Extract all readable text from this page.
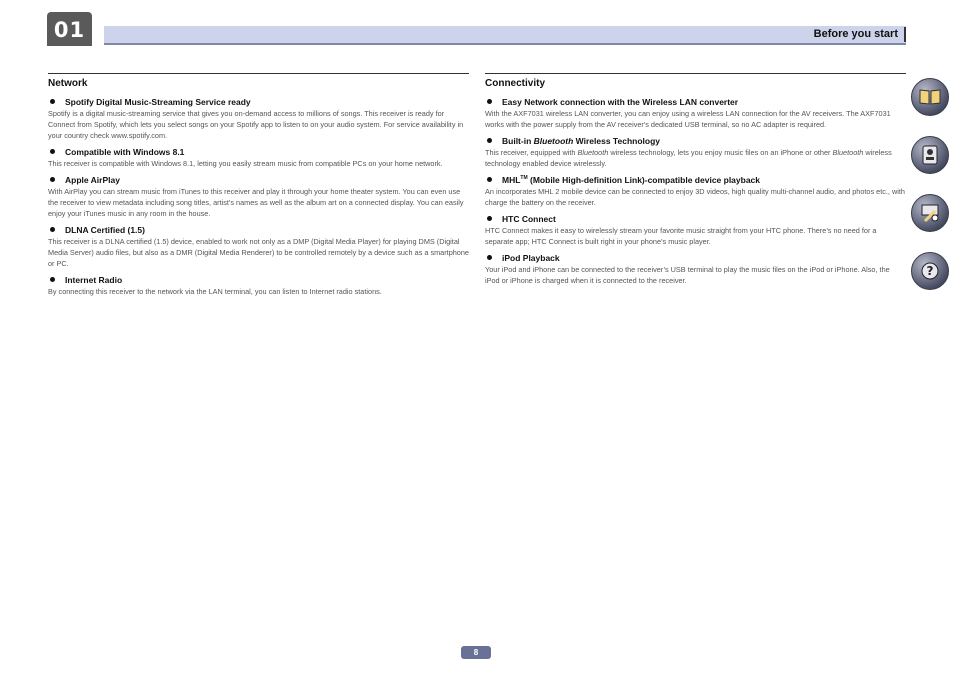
01	Before you start
Network
Spotify Digital Music-Streaming Service ready
Spotify is a digital music-streaming service that gives you on-demand access to millions of songs. This receiver is ready for Connect from Spotify, which lets you select songs on your Spotify app to listen to on your audio system. For service availability in your country check www.spotify.com.
Compatible with Windows 8.1
This receiver is compatible with Windows 8.1, letting you easily stream music from compatible PCs on your home network.
Apple AirPlay
With AirPlay you can stream music from iTunes to this receiver and play it through your home theater system. You can even use the receiver to view metadata including song titles, artist’s names as well as the album art on a connected display. You can easily enjoy your iTunes music in any room in the house.
DLNA Certified (1.5)
This receiver is a DLNA certified (1.5) device, enabled to work not only as a DMP (Digital Media Player) for playing DMS (Digital Media Server) audio files, but also as a DMR (Digital Media Renderer) to be controlled remotely by a device such as a smartphone or PC.
Internet Radio
By connecting this receiver to the network via the LAN terminal, you can listen to Internet radio stations.
Connectivity
Easy Network connection with the Wireless LAN converter
With the AXF7031 wireless LAN converter, you can enjoy using a wireless LAN connection for the AV receivers. The AXF7031 works with the power supply from the AV receiver's dedicated USB terminal, so no AC adapter is required.
Built-in Bluetooth Wireless Technology
This receiver, equipped with Bluetooth wireless technology, lets you enjoy music files on an iPhone or other Bluetooth wireless technology enabled device wirelessly.
MHL™ (Mobile High-definition Link)-compatible device playback
An incorporates MHL 2 mobile device can be connected to enjoy 3D videos, high quality multi-channel audio, and photos etc., with charge the battery on the receiver.
HTC Connect
HTC Connect makes it easy to wirelessly stream your favorite music straight from your HTC phone. There’s no need for a separate app; HTC Connect is built right in your phone’s music player.
iPod Playback
Your iPod and iPhone can be connected to the receiver’s USB terminal to play the music files on the iPod or iPhone. Also, the iPod or iPhone is charged when it is connected to the receiver.
?
8
